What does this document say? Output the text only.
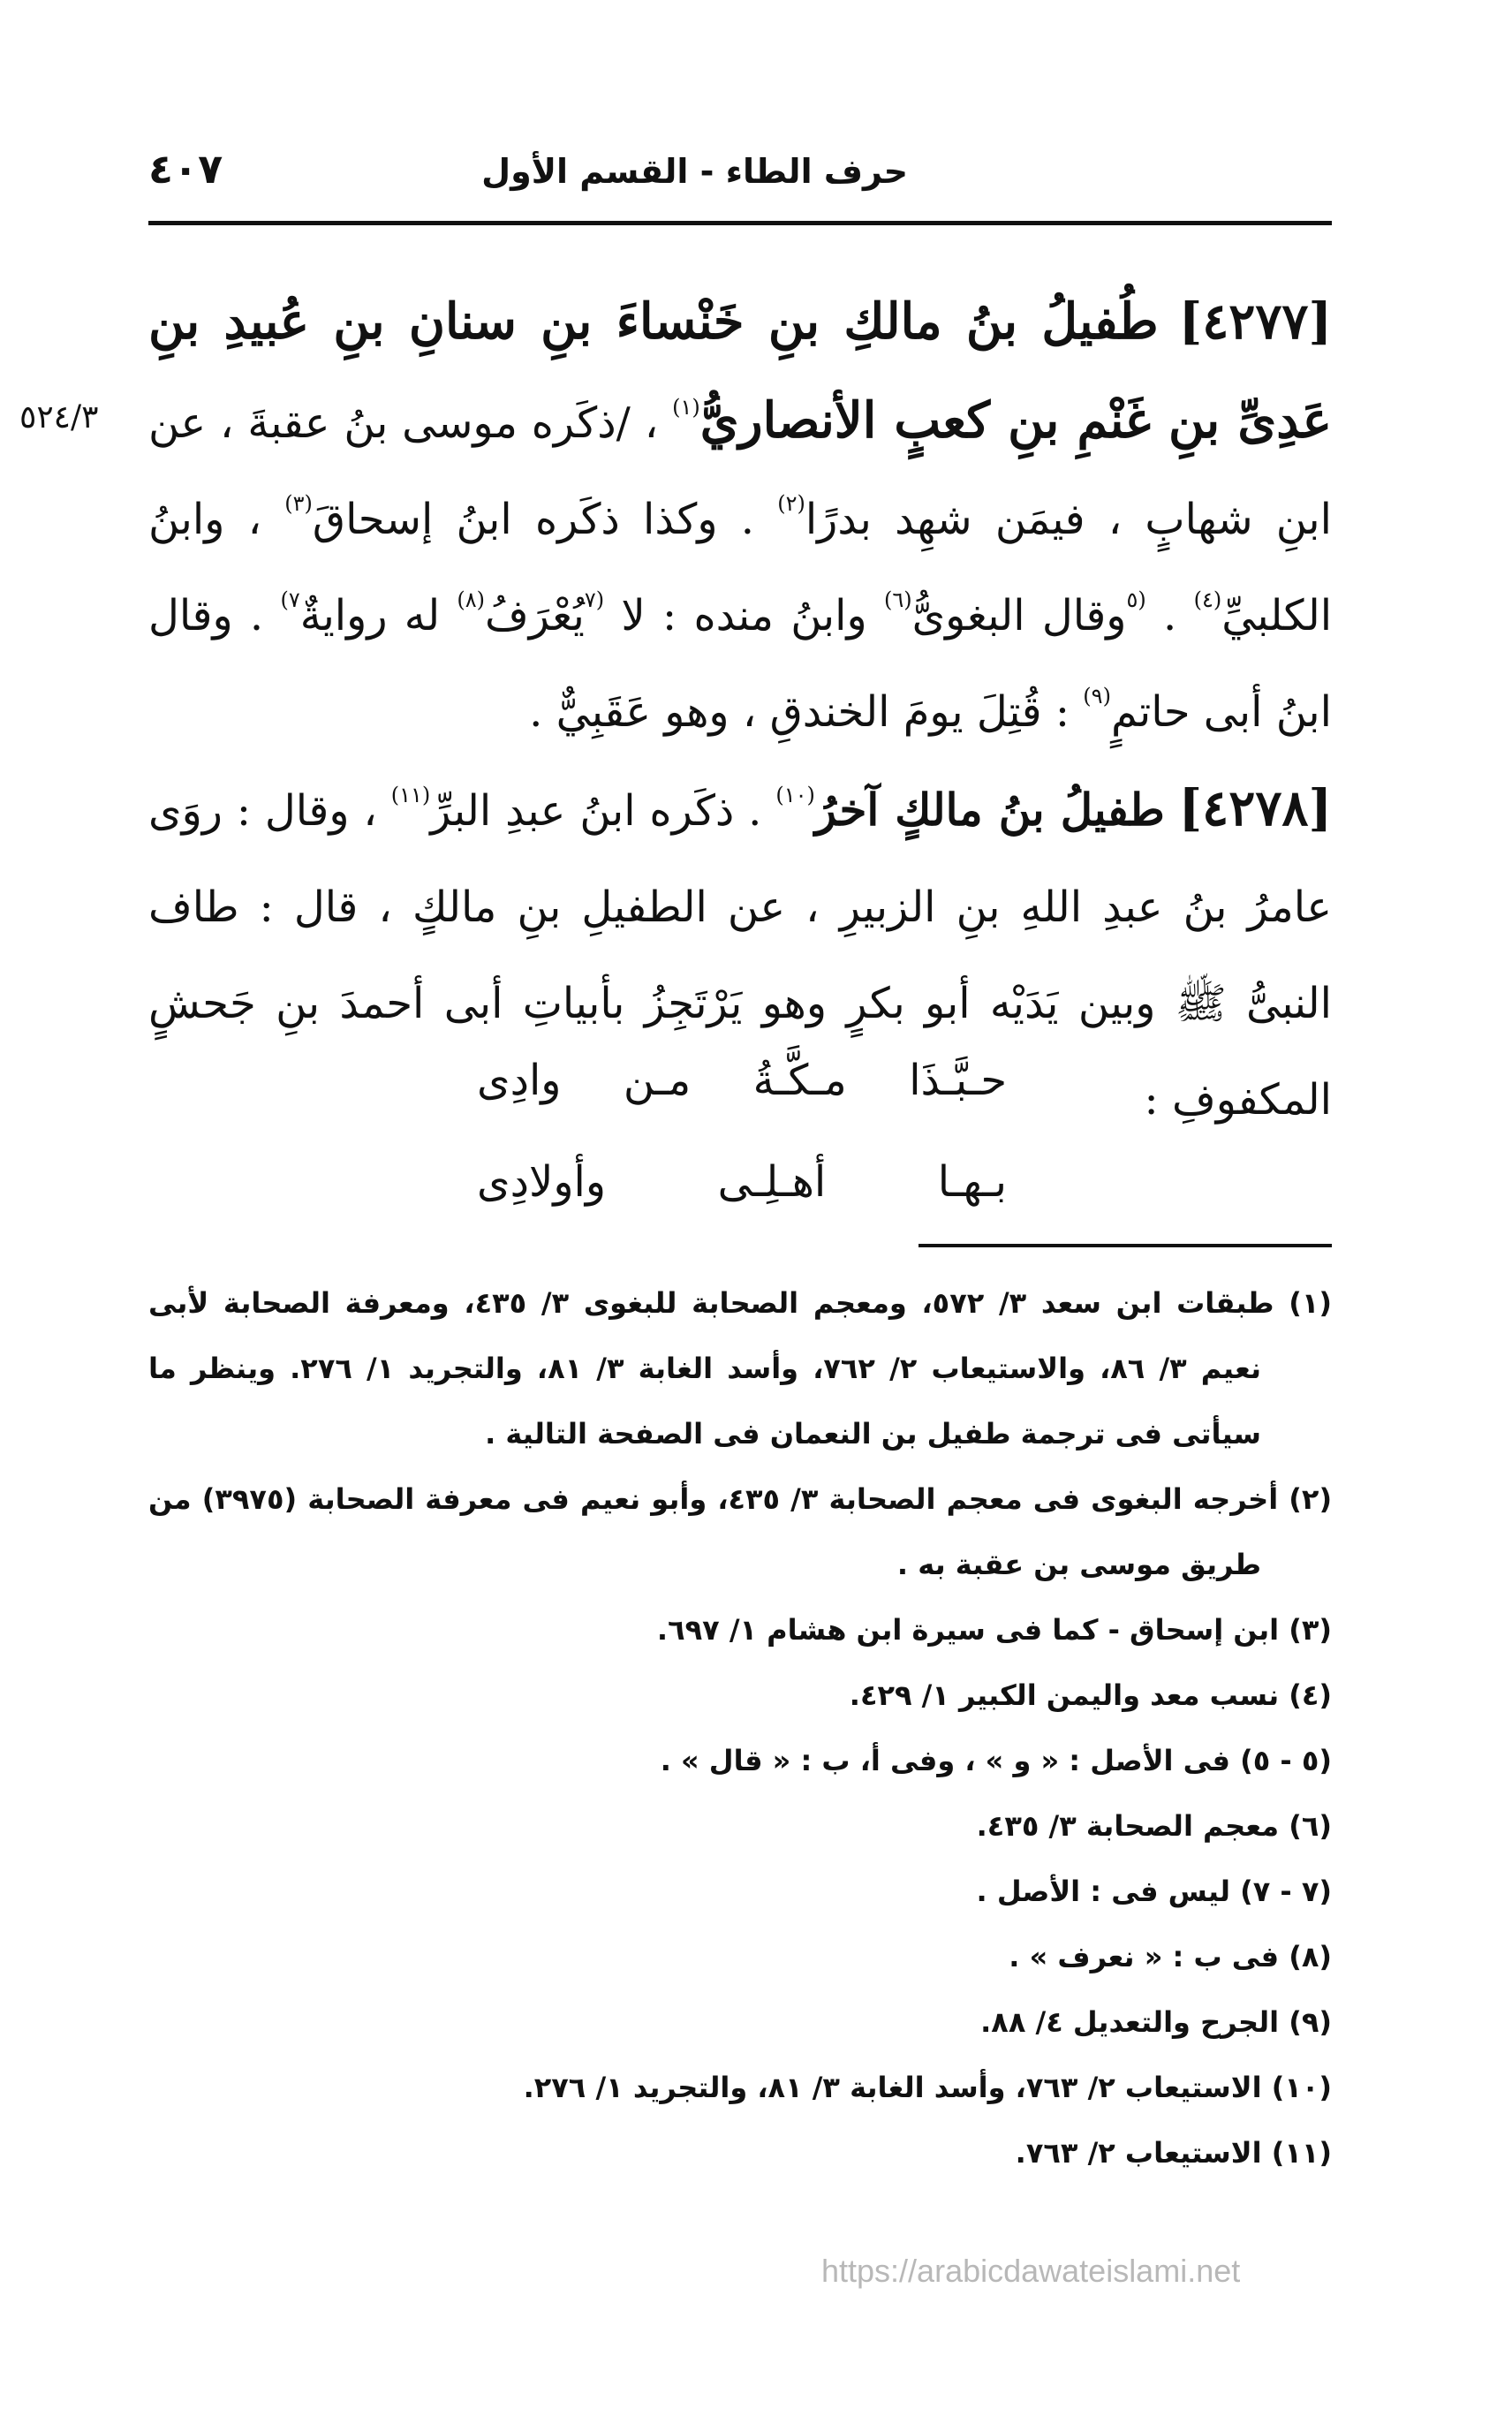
حرف الطاء - القسم الأول
٤٠٧
٥٢٤/٣

[٤٢٧٧] طُفيلُ بنُ مالكِ بنِ خَنْساءَ بنِ سنانِ بنِ عُبيدِ بنِ عَدِىِّ بنِ غَنْمِ بنِ كعبٍ الأنصاريُّ$^{(١)}$ ، /ذكَره موسى بنُ عقبةَ ، عن ابنِ شهابٍ ، فيمَن شهِد بدرًا$^{(٢)}$ . وكذا ذكَره ابنُ إسحاقَ$^{(٣)}$ ، وابنُ الكلبيِّ$^{(٤)}$ . $^{(٥}$وقال البغوىُّ$^{(٦)}$ وابنُ منده : لا $^{(٧}$يُعْرَفُ$^{(٨)}$ له روايةٌ$^{٧)}$ . وقال ابنُ أبى حاتمٍ$^{(٩)}$ : قُتِلَ يومَ الخندقِ ، وهو عَقَبِيٌّ .

[٤٢٧٨] طفيلُ بنُ مالكٍ آخرُ$^{(١٠)}$ . ذكَره ابنُ عبدِ البرِّ$^{(١١)}$ ، وقال : روَى عامرُ بنُ عبدِ اللهِ بنِ الزبيرِ ، عن الطفيلِ بنِ مالكٍ ، قال : طاف النبىُّ ﷺ وبين يَدَيْه أبو بكرٍ وهو يَرْتَجِزُ بأبياتِ أبى أحمدَ بنِ جَحشٍ المكفوفِ :

حـبَّـذَا
مـكَّـةُ
مـن
وادِى
بـهـا
أهـلِـى
وأولادِى

(١) طبقات ابن سعد ٣/ ٥٧٢، ومعجم الصحابة للبغوى ٣/ ٤٣٥، ومعرفة الصحابة لأبى نعيم ٣/ ٨٦، والاستيعاب ٢/ ٧٦٢، وأسد الغابة ٣/ ٨١، والتجريد ١/ ٢٧٦. وينظر ما سيأتى فى ترجمة طفيل بن النعمان فى الصفحة التالية .

(٢) أخرجه البغوى فى معجم الصحابة ٣/ ٤٣٥، وأبو نعيم فى معرفة الصحابة (٣٩٧٥) من طريق موسى بن عقبة به .

(٣) ابن إسحاق - كما فى سيرة ابن هشام ١/ ٦٩٧.

(٤) نسب معد واليمن الكبير ١/ ٤٢٩.

(٥ - ٥) فى الأصل : « و » ، وفى أ، ب : « قال » .

(٦) معجم الصحابة ٣/ ٤٣٥.

(٧ - ٧) ليس فى : الأصل .

(٨) فى ب : « نعرف » .

(٩) الجرح والتعديل ٤/ ٨٨.

(١٠) الاستيعاب ٢/ ٧٦٣، وأسد الغابة ٣/ ٨١، والتجريد ١/ ٢٧٦.

(١١) الاستيعاب ٢/ ٧٦٣.

https://arabicdawateislami.net
